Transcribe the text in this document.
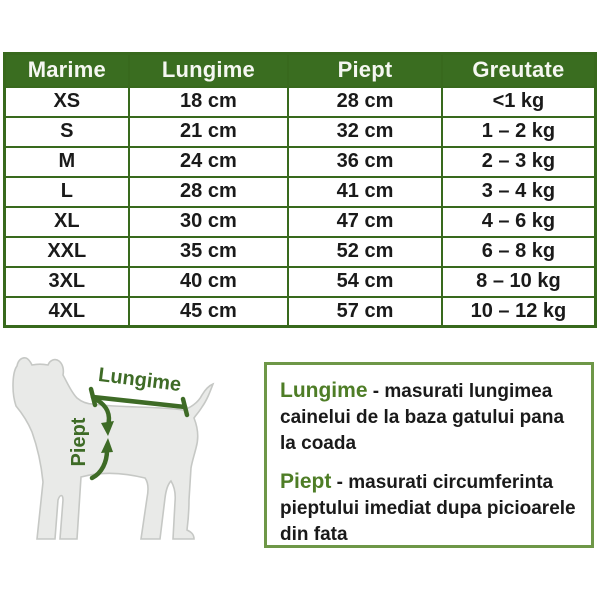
Marime	Lungime	Piept	Greutate
XS	18 cm	28 cm	<1 kg
S	21 cm	32 cm	1 – 2 kg
M	24 cm	36 cm	2 – 3 kg
L	28 cm	41 cm	3 – 4 kg
XL	30 cm	47 cm	4 – 6 kg
XXL	35 cm	52 cm	6 – 8 kg
3XL	40 cm	54 cm	8 – 10 kg
4XL	45 cm	57 cm	10 – 12 kg
Lungime
Piept

Lungime - masurati lungimea cainelui de la baza gatului pana la coada

Piept - masurati circumferinta pieptului imediat dupa picioarele din fata
